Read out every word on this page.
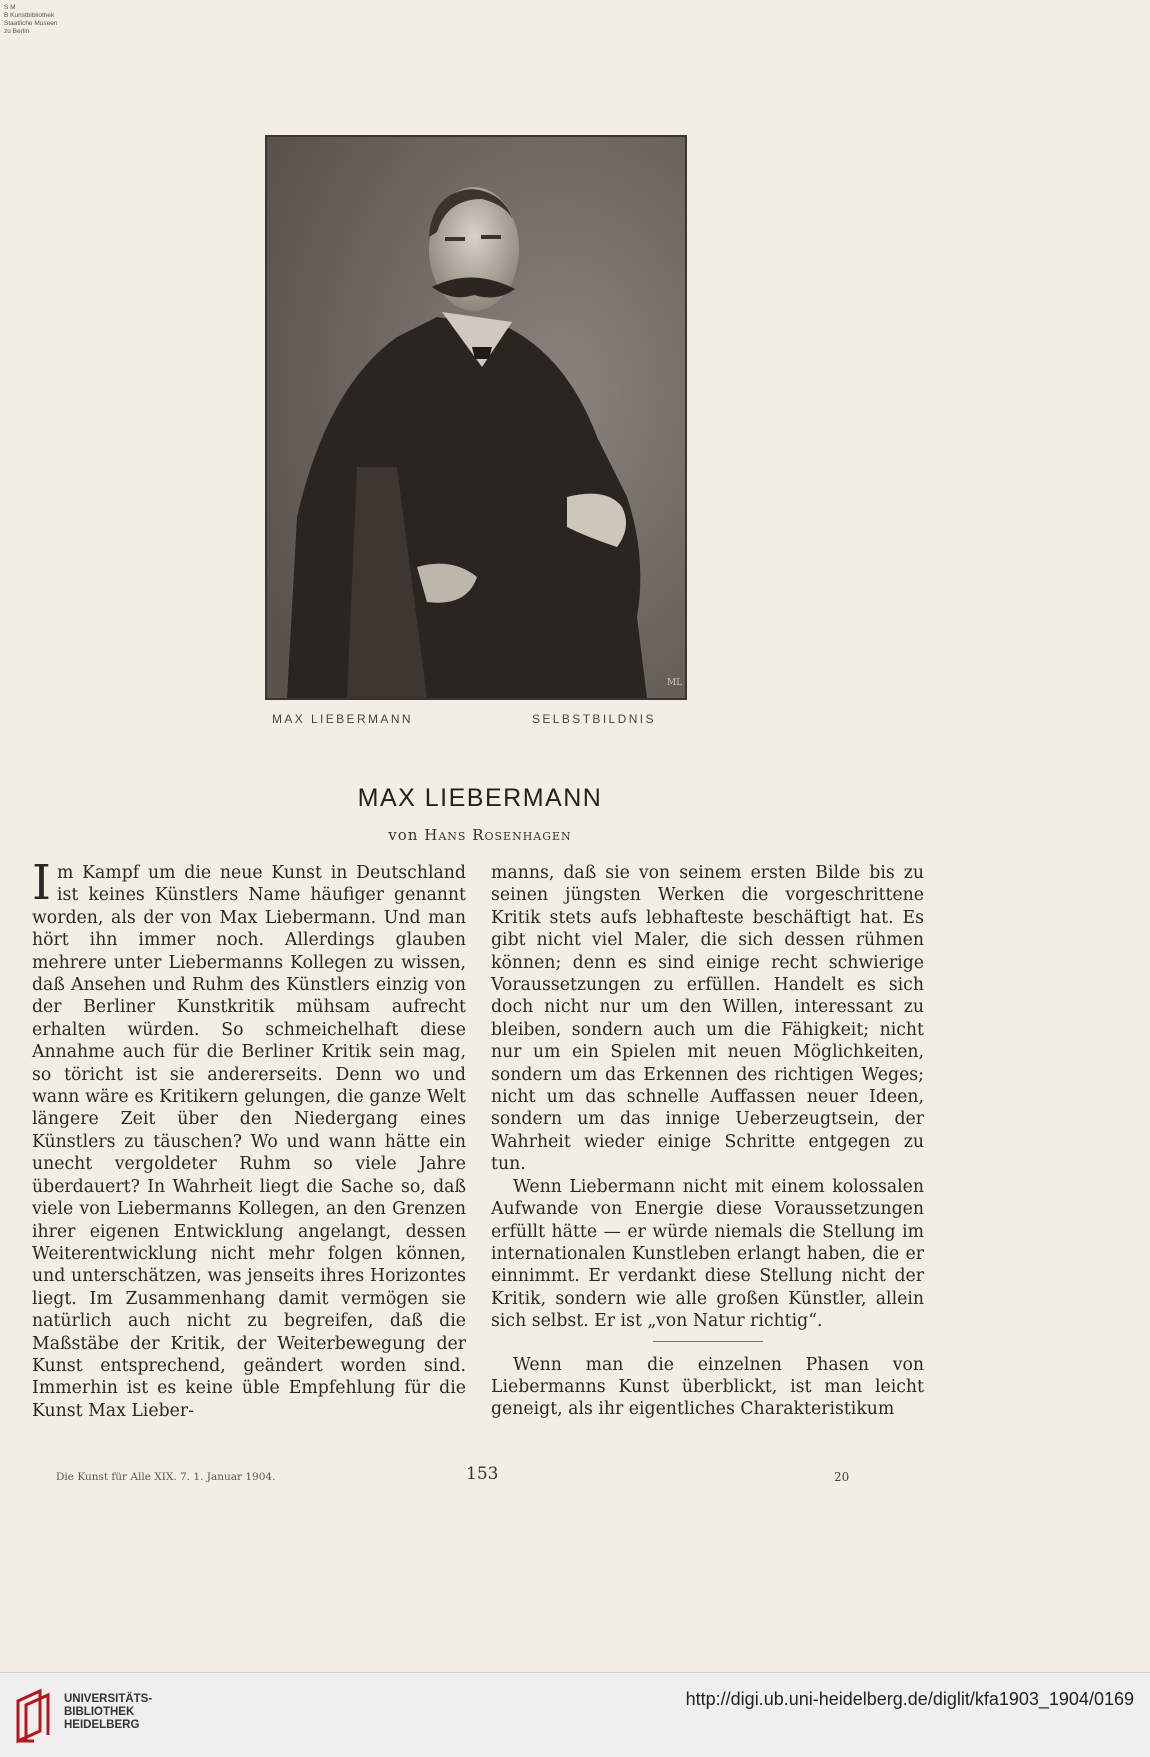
S M
B Kunstbibliothek
Staatliche Museen
zu Berlin
ML
MAX LIEBERMANN	SELBSTBILDNIS
MAX LIEBERMANN
von Hans Rosenhagen

Im Kampf um die neue Kunst in Deutschland ist keines Künstlers Name häufiger genannt worden, als der von Max Liebermann. Und man hört ihn immer noch. Allerdings glauben mehrere unter Liebermanns Kollegen zu wissen, daß Ansehen und Ruhm des Künstlers einzig von der Berliner Kunstkritik mühsam aufrecht erhalten würden. So schmeichelhaft diese Annahme auch für die Berliner Kritik sein mag, so töricht ist sie andererseits. Denn wo und wann wäre es Kritikern gelungen, die ganze Welt längere Zeit über den Niedergang eines Künstlers zu täuschen? Wo und wann hätte ein unecht vergoldeter Ruhm so viele Jahre überdauert? In Wahrheit liegt die Sache so, daß viele von Liebermanns Kollegen, an den Grenzen ihrer eigenen Entwicklung angelangt, dessen Weiterentwicklung nicht mehr folgen können, und unterschätzen, was jenseits ihres Horizontes liegt. Im Zusammenhang damit vermögen sie natürlich auch nicht zu begreifen, daß die Maßstäbe der Kritik, der Weiterbewegung der Kunst entsprechend, geändert worden sind. Immerhin ist es keine üble Empfehlung für die Kunst Max Lieber-

manns, daß sie von seinem ersten Bilde bis zu seinen jüngsten Werken die vorgeschrittene Kritik stets aufs lebhafteste beschäftigt hat. Es gibt nicht viel Maler, die sich dessen rühmen können; denn es sind einige recht schwierige Voraussetzungen zu erfüllen. Handelt es sich doch nicht nur um den Willen, interessant zu bleiben, sondern auch um die Fähigkeit; nicht nur um ein Spielen mit neuen Möglichkeiten, sondern um das Erkennen des richtigen Weges; nicht um das schnelle Auffassen neuer Ideen, sondern um das innige Ueberzeugtsein, der Wahrheit wieder einige Schritte entgegen zu tun.

Wenn Liebermann nicht mit einem kolossalen Aufwande von Energie diese Voraussetzungen erfüllt hätte — er würde niemals die Stellung im internationalen Kunstleben erlangt haben, die er einnimmt. Er verdankt diese Stellung nicht der Kritik, sondern wie alle großen Künstler, allein sich selbst. Er ist „von Natur richtig“.

Wenn man die einzelnen Phasen von Liebermanns Kunst überblickt, ist man leicht geneigt, als ihr eigentliches Charakteristikum

Die Kunst für Alle XIX. 7. 1. Januar 1904.	153	20
UNIVERSITÄTS-
BIBLIOTHEK
HEIDELBERG
http://digi.ub.uni-heidelberg.de/diglit/kfa1903_1904/0169
